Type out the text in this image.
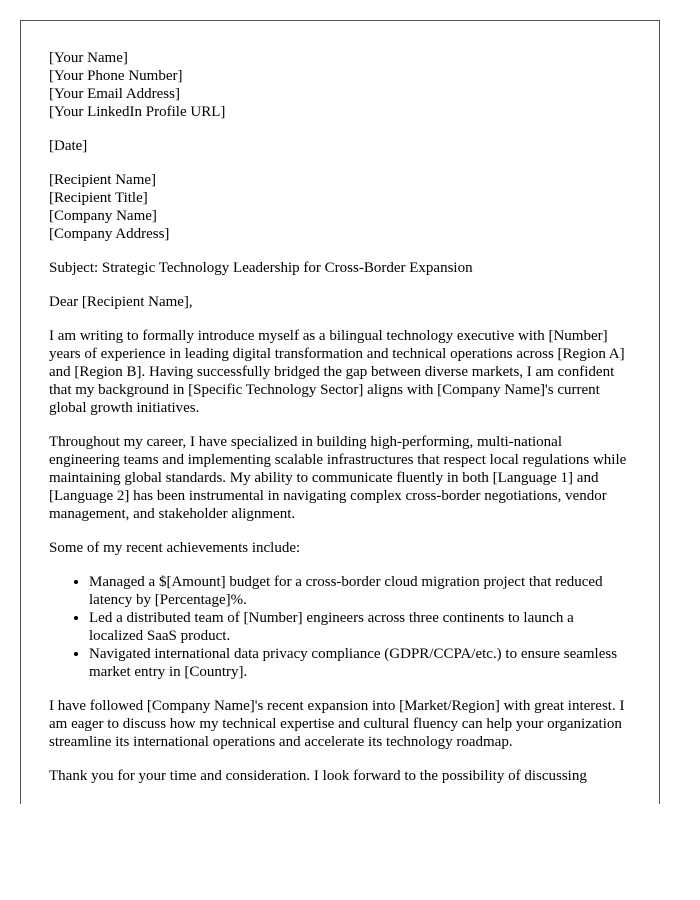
[Your Name]
[Your Phone Number]
[Your Email Address]
[Your LinkedIn Profile URL]
[Date]
[Recipient Name]
[Recipient Title]
[Company Name]
[Company Address]

Subject: Strategic Technology Leadership for Cross-Border Expansion

Dear [Recipient Name],

I am writing to formally introduce myself as a bilingual technology executive with [Number] years of experience in leading digital transformation and technical operations across [Region A] and [Region B]. Having successfully bridged the gap between diverse markets, I am confident that my background in [Specific Technology Sector] aligns with [Company Name]'s current global growth initiatives.

Throughout my career, I have specialized in building high-performing, multi-national engineering teams and implementing scalable infrastructures that respect local regulations while maintaining global standards. My ability to communicate fluently in both [Language 1] and [Language 2] has been instrumental in navigating complex cross-border negotiations, vendor management, and stakeholder alignment.

Some of my recent achievements include:

• Managed a $[Amount] budget for a cross-border cloud migration project that reduced latency by [Percentage]%.
• Led a distributed team of [Number] engineers across three continents to launch a localized SaaS product.
• Navigated international data privacy compliance (GDPR/CCPA/etc.) to ensure seamless market entry in [Country].

I have followed [Company Name]'s recent expansion into [Market/Region] with great interest. I am eager to discuss how my technical expertise and cultural fluency can help your organization streamline its international operations and accelerate its technology roadmap.

Thank you for your time and consideration. I look forward to the possibility of discussing
